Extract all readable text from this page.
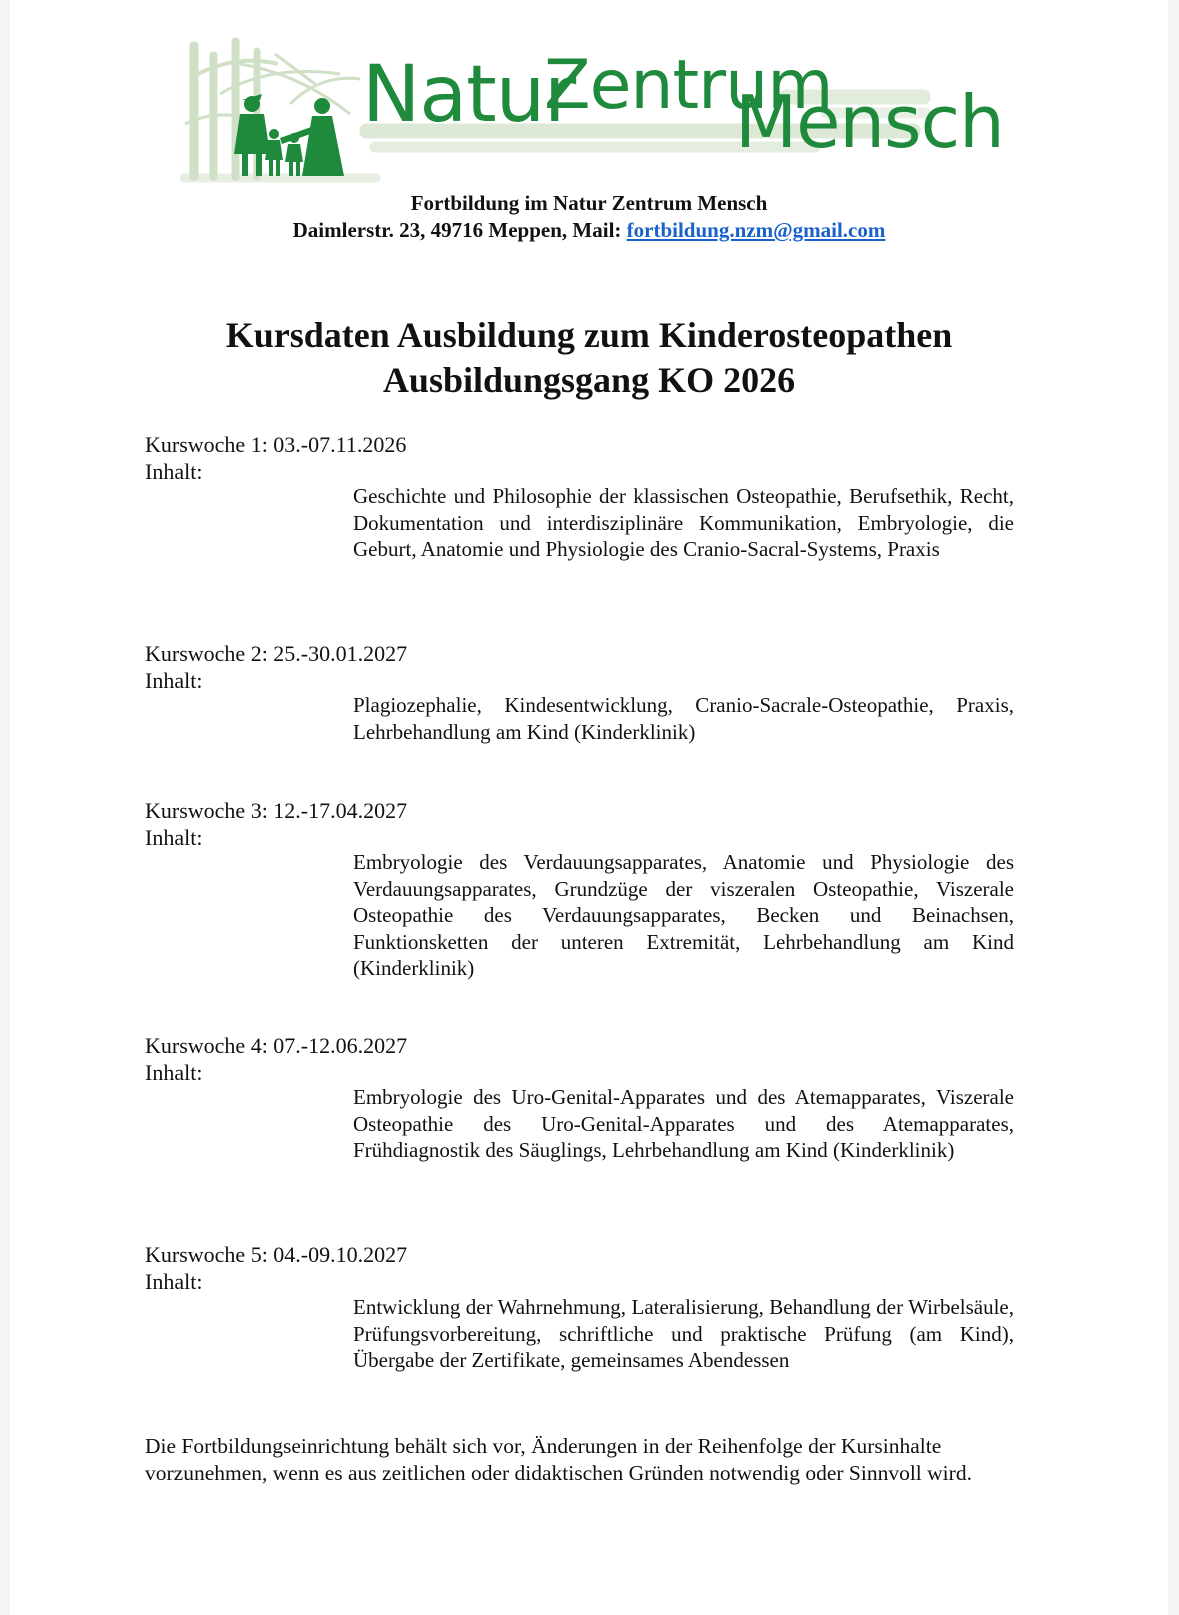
Natur
Zentrum
Mensch
Fortbildung im Natur Zentrum Mensch
Daimlerstr. 23, 49716 Meppen, Mail: fortbildung.nzm@gmail.com
Kursdaten Ausbildung zum Kinderosteopathen
Ausbildungsgang KO 2026
Kurswoche 1: 03.-07.11.2026
Inhalt:
Geschichte und Philosophie der klassischen Osteopathie, Berufsethik, Recht, Dokumentation und interdisziplinäre Kommunikation, Embryologie, die Geburt, Anatomie und Physiologie des Cranio-Sacral-Systems, Praxis
Kurswoche 2: 25.-30.01.2027
Inhalt:
Plagiozephalie, Kindesentwicklung, Cranio-Sacrale-Osteopathie, Praxis, Lehrbehandlung am Kind (Kinderklinik)
Kurswoche 3: 12.-17.04.2027
Inhalt:
Embryologie des Verdauungsapparates, Anatomie und Physiologie des Verdauungsapparates, Grundzüge der viszeralen Osteopathie, Viszerale Osteopathie des Verdauungsapparates, Becken und Beinachsen, Funktionsketten der unteren Extremität, Lehrbehandlung am Kind (Kinderklinik)
Kurswoche 4: 07.-12.06.2027
Inhalt:
Embryologie des Uro-Genital-Apparates und des Atemapparates, Viszerale Osteopathie des Uro-Genital-Apparates und des Atemapparates, Frühdiagnostik des Säuglings, Lehrbehandlung am Kind (Kinderklinik)
Kurswoche 5: 04.-09.10.2027
Inhalt:
Entwicklung der Wahrnehmung, Lateralisierung, Behandlung der Wirbelsäule, Prüfungsvorbereitung, schriftliche und praktische Prüfung (am Kind), Übergabe der Zertifikate, gemeinsames Abendessen
Die Fortbildungseinrichtung behält sich vor, Änderungen in der Reihenfolge der Kursinhalte vorzunehmen, wenn es aus zeitlichen oder didaktischen Gründen notwendig oder Sinnvoll wird.
